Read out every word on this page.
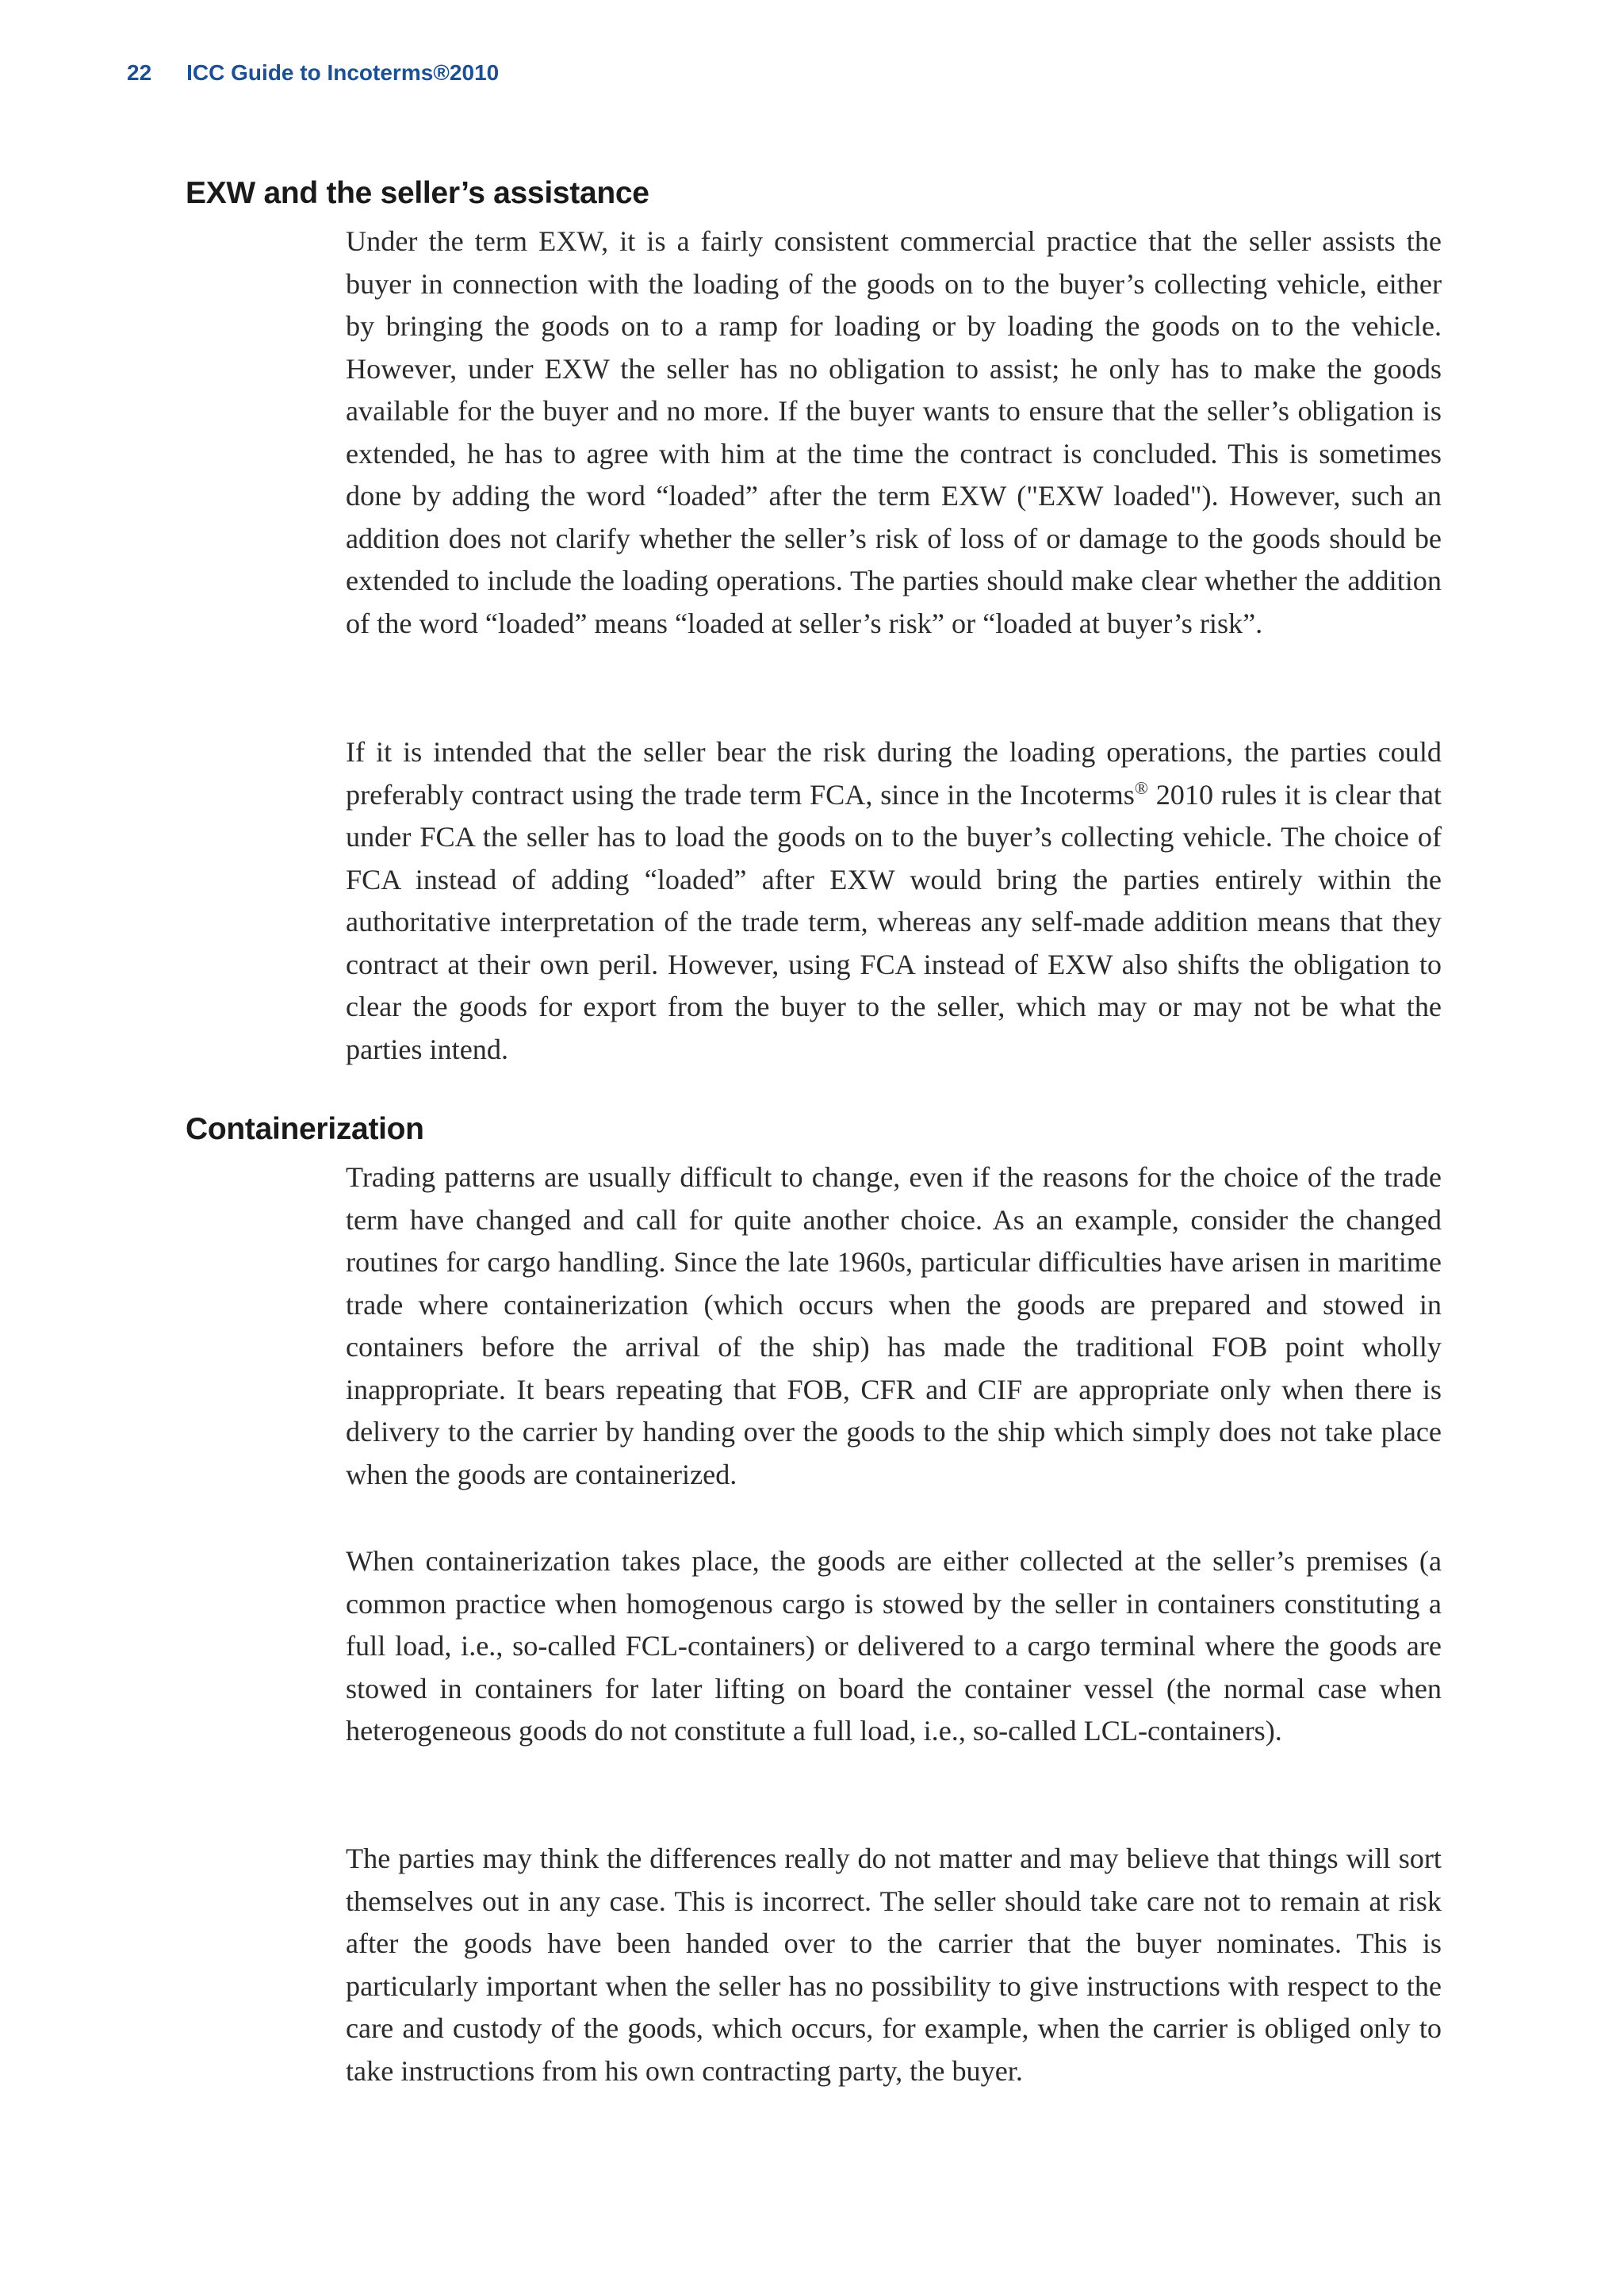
22 ICC Guide to Incoterms®2010
EXW and the seller’s assistance

Under the term EXW, it is a fairly consistent commercial practice that the seller assists the buyer in connection with the loading of the goods on to the buyer’s collecting vehicle, either by bringing the goods on to a ramp for loading or by loading the goods on to the vehicle. However, under EXW the seller has no obligation to assist; he only has to make the goods available for the buyer and no more. If the buyer wants to ensure that the seller’s obligation is extended, he has to agree with him at the time the contract is concluded. This is sometimes done by adding the word “loaded” after the term EXW ("EXW loaded"). However, such an addition does not clarify whether the seller’s risk of loss of or damage to the goods should be extended to include the loading operations. The parties should make clear whether the addition of the word “loaded” means “loaded at seller’s risk” or “loaded at buyer’s risk”.

If it is intended that the seller bear the risk during the loading operations, the parties could preferably contract using the trade term FCA, since in the Incoterms® 2010 rules it is clear that under FCA the seller has to load the goods on to the buyer’s collecting vehicle. The choice of FCA instead of adding “loaded” after EXW would bring the parties entirely within the authoritative interpretation of the trade term, whereas any self-made addition means that they contract at their own peril. However, using FCA instead of EXW also shifts the obligation to clear the goods for export from the buyer to the seller, which may or may not be what the parties intend.

Containerization

Trading patterns are usually difficult to change, even if the reasons for the choice of the trade term have changed and call for quite another choice. As an example, consider the changed routines for cargo handling. Since the late 1960s, particular difficulties have arisen in maritime trade where containerization (which occurs when the goods are prepared and stowed in containers before the arrival of the ship) has made the traditional FOB point wholly inappropriate. It bears repeating that FOB, CFR and CIF are appropriate only when there is delivery to the carrier by handing over the goods to the ship which simply does not take place when the goods are containerized.

When containerization takes place, the goods are either collected at the seller’s premises (a common practice when homogenous cargo is stowed by the seller in containers constituting a full load, i.e., so-called FCL-containers) or delivered to a cargo terminal where the goods are stowed in containers for later lifting on board the container vessel (the normal case when heterogeneous goods do not constitute a full load, i.e., so-called LCL-containers).

The parties may think the differences really do not matter and may believe that things will sort themselves out in any case. This is incorrect. The seller should take care not to remain at risk after the goods have been handed over to the carrier that the buyer nominates. This is particularly important when the seller has no possibility to give instructions with respect to the care and custody of the goods, which occurs, for example, when the carrier is obliged only to take instructions from his own contracting party, the buyer.
